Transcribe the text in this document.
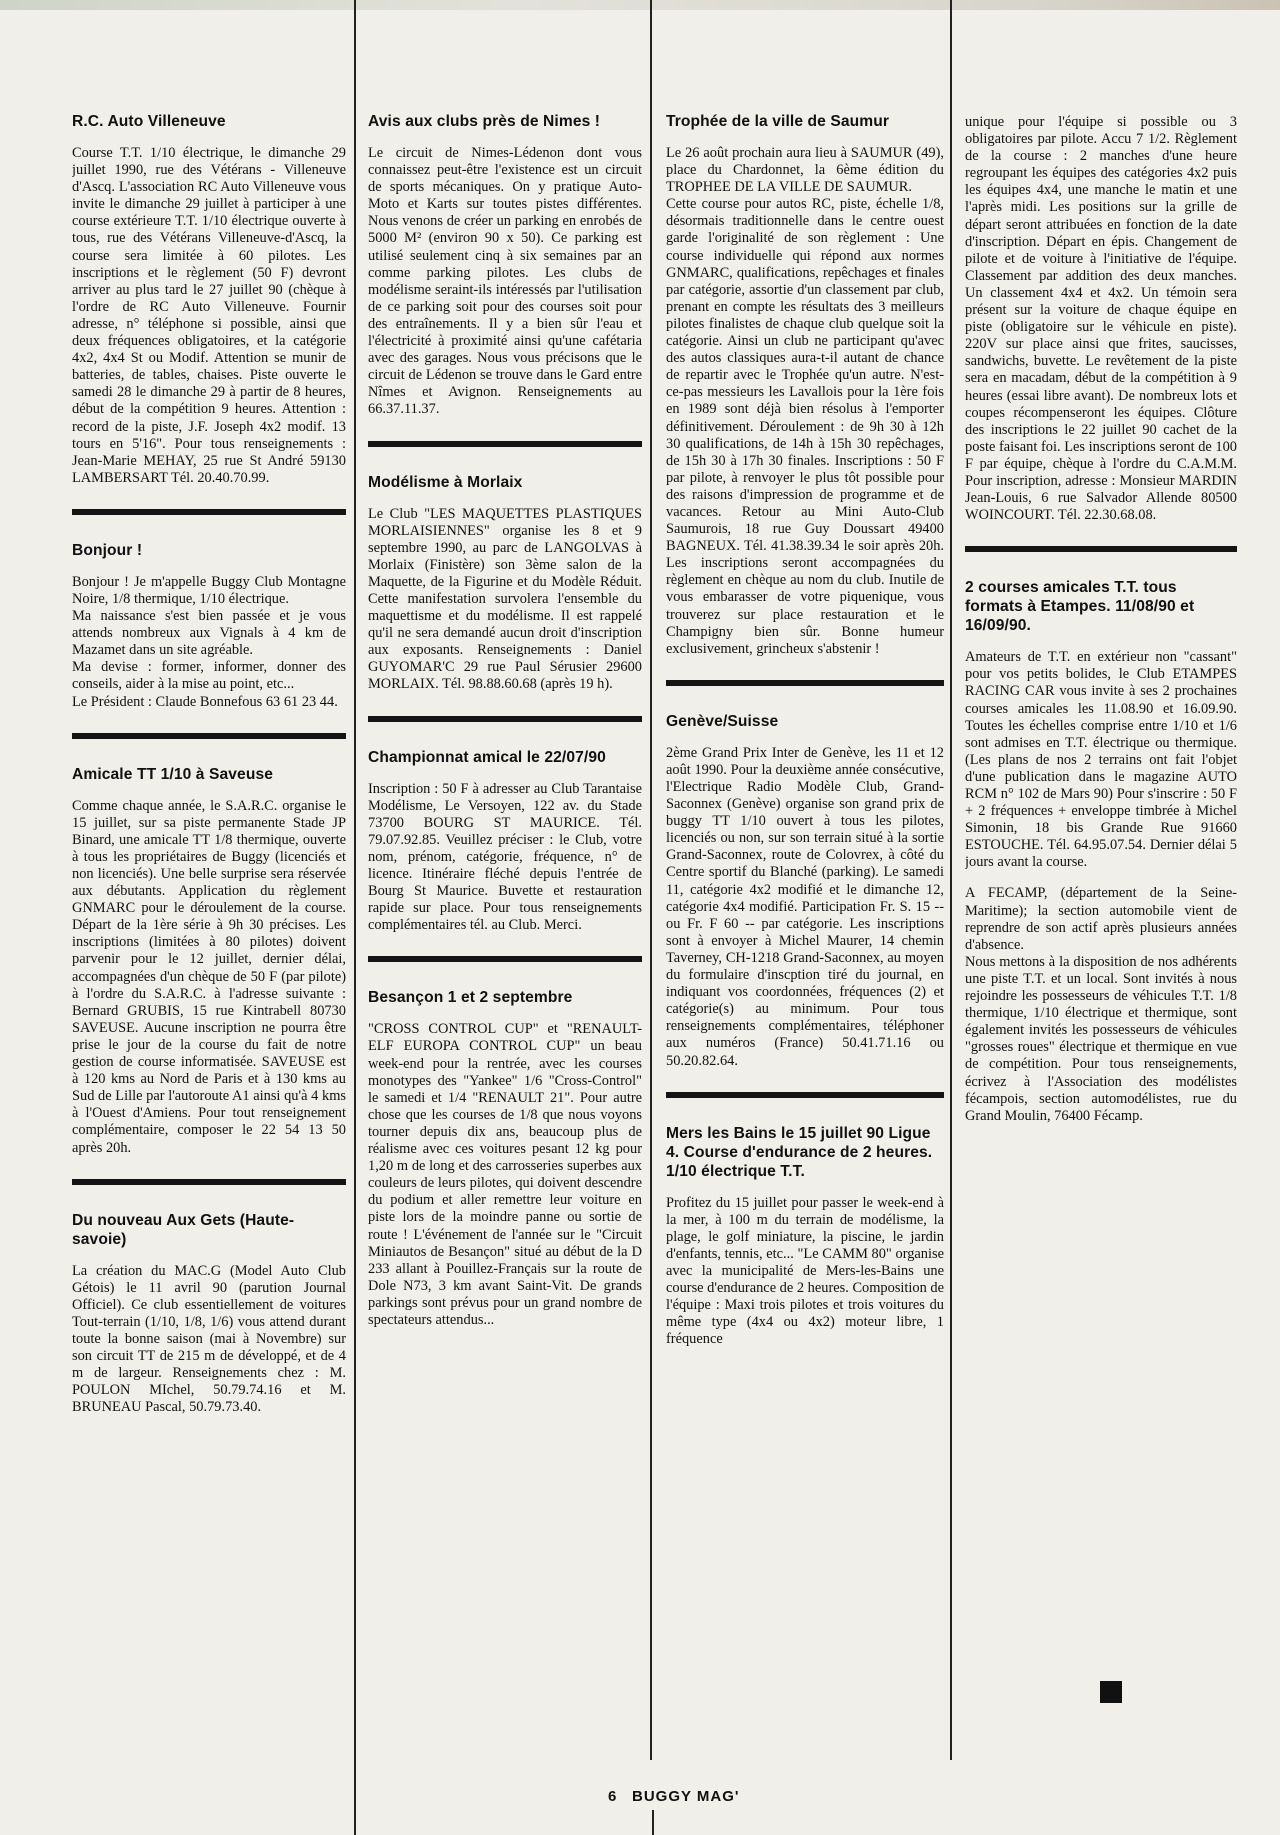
R.C. Auto Villeneuve

Course T.T. 1/10 électrique, le dimanche 29 juillet 1990, rue des Vétérans - Villeneuve d'Ascq. L'association RC Auto Villeneuve vous invite le dimanche 29 juillet à participer à une course extérieure T.T. 1/10 électrique ouverte à tous, rue des Vétérans Villeneuve-d'Ascq, la course sera limitée à 60 pilotes. Les inscriptions et le règlement (50 F) devront arriver au plus tard le 27 juillet 90 (chèque à l'ordre de RC Auto Villeneuve. Fournir adresse, n° téléphone si possible, ainsi que deux fréquences obligatoires, et la catégorie 4x2, 4x4 St ou Modif. Attention se munir de batteries, de tables, chaises. Piste ouverte le samedi 28 le dimanche 29 à partir de 8 heures, début de la compétition 9 heures. Attention : record de la piste, J.F. Joseph 4x2 modif. 13 tours en 5'16". Pour tous renseignements : Jean-Marie MEHAY, 25 rue St André 59130 LAMBERSART Tél. 20.40.70.99.

Bonjour !

Bonjour ! Je m'appelle Buggy Club Montagne Noire, 1/8 thermique, 1/10 électrique.

Ma naissance s'est bien passée et je vous attends nombreux aux Vignals à 4 km de Mazamet dans un site agréable.

Ma devise : former, informer, donner des conseils, aider à la mise au point, etc...

Le Président : Claude Bonnefous 63 61 23 44.

Amicale TT 1/10 à Saveuse

Comme chaque année, le S.A.R.C. organise le 15 juillet, sur sa piste permanente Stade JP Binard, une amicale TT 1/8 thermique, ouverte à tous les propriétaires de Buggy (licenciés et non licenciés). Une belle surprise sera réservée aux débutants. Application du règlement GNMARC pour le déroulement de la course. Départ de la 1ère série à 9h 30 précises. Les inscriptions (limitées à 80 pilotes) doivent parvenir pour le 12 juillet, dernier délai, accompagnées d'un chèque de 50 F (par pilote) à l'ordre du S.A.R.C. à l'adresse suivante : Bernard GRUBIS, 15 rue Kintrabell 80730 SAVEUSE. Aucune inscription ne pourra être prise le jour de la course du fait de notre gestion de course informatisée. SAVEUSE est à 120 kms au Nord de Paris et à 130 kms au Sud de Lille par l'autoroute A1 ainsi qu'à 4 kms à l'Ouest d'Amiens. Pour tout renseignement complémentaire, composer le 22 54 13 50 après 20h.

Du nouveau Aux Gets (Haute-savoie)

La création du MAC.G (Model Auto Club Gétois) le 11 avril 90 (parution Journal Officiel). Ce club essentiellement de voitures Tout-terrain (1/10, 1/8, 1/6) vous attend durant toute la bonne saison (mai à Novembre) sur son circuit TT de 215 m de développé, et de 4 m de largeur. Renseignements chez : M. POULON MIchel, 50.79.74.16 et M. BRUNEAU Pascal, 50.79.73.40.

Avis aux clubs près de Nimes !

Le circuit de Nimes-Lédenon dont vous connaissez peut-être l'existence est un circuit de sports mécaniques. On y pratique Auto-Moto et Karts sur toutes pistes différentes. Nous venons de créer un parking en enrobés de 5000 M² (environ 90 x 50). Ce parking est utilisé seulement cinq à six semaines par an comme parking pilotes. Les clubs de modélisme seraint-ils intéressés par l'utilisation de ce parking soit pour des courses soit pour des entraînements. Il y a bien sûr l'eau et l'électricité à proximité ainsi qu'une cafétaria avec des garages. Nous vous précisons que le circuit de Lédenon se trouve dans le Gard entre Nîmes et Avignon. Renseignements au 66.37.11.37.

Modélisme à Morlaix

Le Club "LES MAQUETTES PLASTIQUES MORLAISIENNES" organise les 8 et 9 septembre 1990, au parc de LANGOLVAS à Morlaix (Finistère) son 3ème salon de la Maquette, de la Figurine et du Modèle Réduit. Cette manifestation survolera l'ensemble du maquettisme et du modélisme. Il est rappelé qu'il ne sera demandé aucun droit d'inscription aux exposants. Renseignements : Daniel GUYOMAR'C 29 rue Paul Sérusier 29600 MORLAIX. Tél. 98.88.60.68 (après 19 h).

Championnat amical le 22/07/90

Inscription : 50 F à adresser au Club Tarantaise Modélisme, Le Versoyen, 122 av. du Stade 73700 BOURG ST MAURICE. Tél. 79.07.92.85. Veuillez préciser : le Club, votre nom, prénom, catégorie, fréquence, n° de licence. Itinéraire fléché depuis l'entrée de Bourg St Maurice. Buvette et restauration rapide sur place. Pour tous renseignements complémentaires tél. au Club. Merci.

Besançon 1 et 2 septembre

"CROSS CONTROL CUP" et "RENAULT-ELF EUROPA CONTROL CUP" un beau week-end pour la rentrée, avec les courses monotypes des "Yankee" 1/6 "Cross-Control" le samedi et 1/4 "RENAULT 21". Pour autre chose que les courses de 1/8 que nous voyons tourner depuis dix ans, beaucoup plus de réalisme avec ces voitures pesant 12 kg pour 1,20 m de long et des carrosseries superbes aux couleurs de leurs pilotes, qui doivent descendre du podium et aller remettre leur voiture en piste lors de la moindre panne ou sortie de route ! L'événement de l'année sur le "Circuit Miniautos de Besançon" situé au début de la D 233 allant à Pouillez-Français sur la route de Dole N73, 3 km avant Saint-Vit. De grands parkings sont prévus pour un grand nombre de spectateurs attendus...

Trophée de la ville de Saumur

Le 26 août prochain aura lieu à SAUMUR (49), place du Chardonnet, la 6ème édition du TROPHEE DE LA VILLE DE SAUMUR.

Cette course pour autos RC, piste, échelle 1/8, désormais traditionnelle dans le centre ouest garde l'originalité de son règlement : Une course individuelle qui répond aux normes GNMARC, qualifications, repêchages et finales par catégorie, assortie d'un classement par club, prenant en compte les résultats des 3 meilleurs pilotes finalistes de chaque club quelque soit la catégorie. Ainsi un club ne participant qu'avec des autos classiques aura-t-il autant de chance de repartir avec le Trophée qu'un autre. N'est-ce-pas messieurs les Lavallois pour la 1ère fois en 1989 sont déjà bien résolus à l'emporter définitivement. Déroulement : de 9h 30 à 12h 30 qualifications, de 14h à 15h 30 repêchages, de 15h 30 à 17h 30 finales. Inscriptions : 50 F par pilote, à renvoyer le plus tôt possible pour des raisons d'impression de programme et de vacances. Retour au Mini Auto-Club Saumurois, 18 rue Guy Doussart 49400 BAGNEUX. Tél. 41.38.39.34 le soir après 20h. Les inscriptions seront accompagnées du règlement en chèque au nom du club. Inutile de vous embarasser de votre piquenique, vous trouverez sur place restauration et le Champigny bien sûr. Bonne humeur exclusivement, grincheux s'abstenir !

Genève/Suisse

2ème Grand Prix Inter de Genève, les 11 et 12 août 1990. Pour la deuxième année consécutive, l'Electrique Radio Modèle Club, Grand-Saconnex (Genève) organise son grand prix de buggy TT 1/10 ouvert à tous les pilotes, licenciés ou non, sur son terrain situé à la sortie Grand-Saconnex, route de Colovrex, à côté du Centre sportif du Blanché (parking). Le samedi 11, catégorie 4x2 modifié et le dimanche 12, catégorie 4x4 modifié. Participation Fr. S. 15 -- ou Fr. F 60 -- par catégorie. Les inscriptions sont à envoyer à Michel Maurer, 14 chemin Taverney, CH-1218 Grand-Saconnex, au moyen du formulaire d'inscption tiré du journal, en indiquant vos coordonnées, fréquences (2) et catégorie(s) au minimum. Pour tous renseignements complémentaires, téléphoner aux numéros (France) 50.41.71.16 ou 50.20.82.64.

Mers les Bains le 15 juillet 90 Ligue 4. Course d'endurance de 2 heures. 1/10 électrique T.T.

Profitez du 15 juillet pour passer le week-end à la mer, à 100 m du terrain de modélisme, la plage, le golf miniature, la piscine, le jardin d'enfants, tennis, etc... "Le CAMM 80" organise avec la municipalité de Mers-les-Bains une course d'endurance de 2 heures. Composition de l'équipe : Maxi trois pilotes et trois voitures du même type (4x4 ou 4x2) moteur libre, 1 fréquence

unique pour l'équipe si possible ou 3 obligatoires par pilote. Accu 7 1/2. Règlement de la course : 2 manches d'une heure regroupant les équipes des catégories 4x2 puis les équipes 4x4, une manche le matin et une l'après midi. Les positions sur la grille de départ seront attribuées en fonction de la date d'inscription. Départ en épis. Changement de pilote et de voiture à l'initiative de l'équipe. Classement par addition des deux manches. Un classement 4x4 et 4x2. Un témoin sera présent sur la voiture de chaque équipe en piste (obligatoire sur le véhicule en piste). 220V sur place ainsi que frites, saucisses, sandwichs, buvette. Le revêtement de la piste sera en macadam, début de la compétition à 9 heures (essai libre avant). De nombreux lots et coupes récompenseront les équipes. Clôture des inscriptions le 22 juillet 90 cachet de la poste faisant foi. Les inscriptions seront de 100 F par équipe, chèque à l'ordre du C.A.M.M. Pour inscription, adresse : Monsieur MARDIN Jean-Louis, 6 rue Salvador Allende 80500 WOINCOURT. Tél. 22.30.68.08.

2 courses amicales T.T. tous formats à Etampes. 11/08/90 et 16/09/90.

Amateurs de T.T. en extérieur non "cassant" pour vos petits bolides, le Club ETAMPES RACING CAR vous invite à ses 2 prochaines courses amicales les 11.08.90 et 16.09.90. Toutes les échelles comprise entre 1/10 et 1/6 sont admises en T.T. électrique ou thermique. (Les plans de nos 2 terrains ont fait l'objet d'une publication dans le magazine AUTO RCM n° 102 de Mars 90) Pour s'inscrire : 50 F + 2 fréquences + enveloppe timbrée à Michel Simonin, 18 bis Grande Rue 91660 ESTOUCHE. Tél. 64.95.07.54. Dernier délai 5 jours avant la course.

A FECAMP, (département de la Seine-Maritime); la section automobile vient de reprendre de son actif après plusieurs années d'absence.

Nous mettons à la disposition de nos adhérents une piste T.T. et un local. Sont invités à nous rejoindre les possesseurs de véhicules T.T. 1/8 thermique, 1/10 électrique et thermique, sont également invités les possesseurs de véhicules "grosses roues" électrique et thermique en vue de compétition. Pour tous renseignements, écrivez à l'Association des modélistes fécampois, section automodélistes, rue du Grand Moulin, 76400 Fécamp.

6 BUGGY MAG'
